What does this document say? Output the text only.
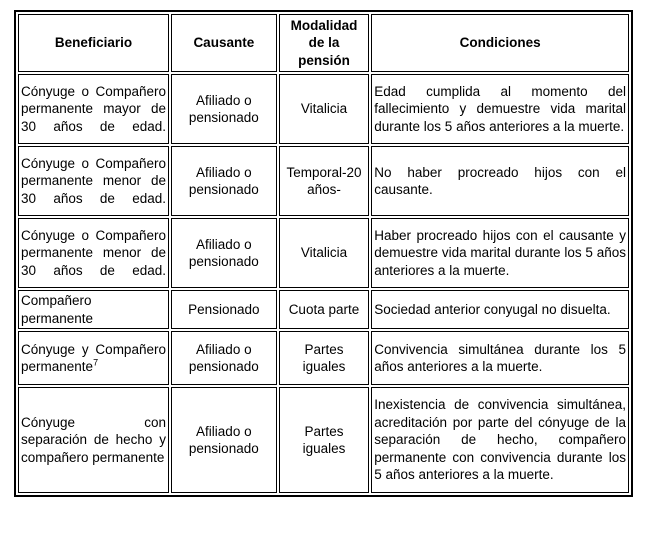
Beneficiario	Causante	Modalidad de la pensión	Condiciones
Cónyuge o Compañero permanente mayor de 30 años de edad.	Afiliado o pensionado	Vitalicia	Edad cumplida al momento del fallecimiento y demuestre vida marital durante los 5 años anteriores a la muerte.
Cónyuge o Compañero permanente menor de 30 años de edad.	Afiliado o pensionado	Temporal-20 años-	No haber procreado hijos con el causante.
Cónyuge o Compañero permanente menor de 30 años de edad.	Afiliado o pensionado	Vitalicia	Haber procreado hijos con el causante y demuestre vida marital durante los 5 años anteriores a la muerte.
Compañero permanente	Pensionado	Cuota parte	Sociedad anterior conyugal no disuelta.
Cónyuge y Compañero permanente$^7$	Afiliado o pensionado	Partes iguales	Convivencia simultánea durante los 5 años anteriores a la muerte.
Cónyuge con separación de hecho y compañero permanente	Afiliado o pensionado	Partes iguales	Inexistencia de convivencia simultánea, acreditación por parte del cónyuge de la separación de hecho, compañero permanente con convivencia durante los 5 años anteriores a la muerte.
